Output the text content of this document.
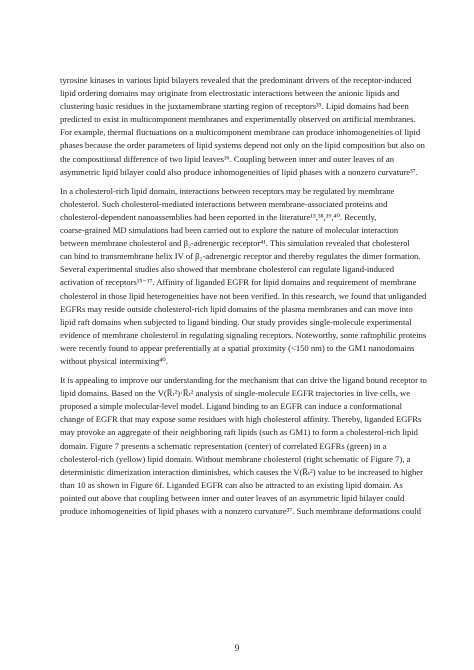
tyrosine kinases in various lipid bilayers revealed that the predominant drivers of the receptor-induced
lipid ordering domains may originate from electrostatic interactions between the anionic lipids and
clustering basic residues in the juxtamembrane starting region of receptors³⁵. Lipid domains had been
predicted to exist in multicomponent membranes and experimentally observed on artificial membranes.
For example, thermal fluctuations on a multicomponent membrane can produce inhomogeneities of lipid
phases because the order parameters of lipid systems depend not only on the lipid composition but also on
the compositional difference of two lipid leaves³⁶. Coupling between inner and outer leaves of an
asymmetric lipid bilayer could also produce inhomogeneities of lipid phases with a nonzero curvature³⁷.

In a cholesterol-rich lipid domain, interactions between receptors may be regulated by membrane
cholesterol. Such cholesterol-mediated interactions between membrane-associated proteins and
cholesterol-dependent nanoassemblies had been reported in the literature¹⁵,³⁸,³⁹,⁴⁰. Recently,
coarse-grained MD simulations had been carried out to explore the nature of molecular interaction
between membrane cholesterol and β₂-adrenergic receptor⁴¹. This simulation revealed that cholesterol
can bind to transmembrane helix IV of β₂-adrenergic receptor and thereby regulates the dimer formation.
Several experimental studies also showed that membrane cholesterol can regulate ligand-induced
activation of receptors¹⁵⁻¹⁷. Affinity of liganded EGFR for lipid domains and requirement of membrane
cholesterol in those lipid heterogeneities have not been verified. In this research, we found that unliganded
EGFRs may reside outside cholesterol-rich lipid domains of the plasma membranes and can move into
lipid raft domains when subjected to ligand binding. Our study provides single-molecule experimental
evidence of membrane cholesterol in regulating signaling receptors. Noteworthy, some raftophilic proteins
were recently found to appear preferentially at a spatial proximity (<150 nm) to the GM1 nanodomains
without physical intermixing⁴⁰.

It is appealing to improve our understanding for the mechanism that can drive the ligand bound receptor to
lipid domains. Based on the V(R̅ₜ²)·R̅ₜ² analysis of single-molecule EGFR trajectories in live cells, we
proposed a simple molecular-level model. Ligand binding to an EGFR can induce a conformational
change of EGFR that may expose some residues with high cholesterol affinity. Thereby, liganded EGFRs
may provoke an aggregate of their neighboring raft lipids (such as GM1) to form a cholesterol-rich lipid
domain. Figure 7 presents a schematic representation (center) of correlated EGFRs (green) in a
cholesterol-rich (yellow) lipid domain. Without membrane cholesterol (right schematic of Figure 7), a
deterministic dimerization interaction diminishes, which causes the V(R̅ₜ²) value to be increased to higher
than 10 as shown in Figure 6f. Liganded EGFR can also be attracted to an existing lipid domain. As
pointed out above that coupling between inner and outer leaves of an asymmetric lipid bilayer could
produce inhomogeneities of lipid phases with a nonzero curvature³⁷. Such membrane deformations could

9
